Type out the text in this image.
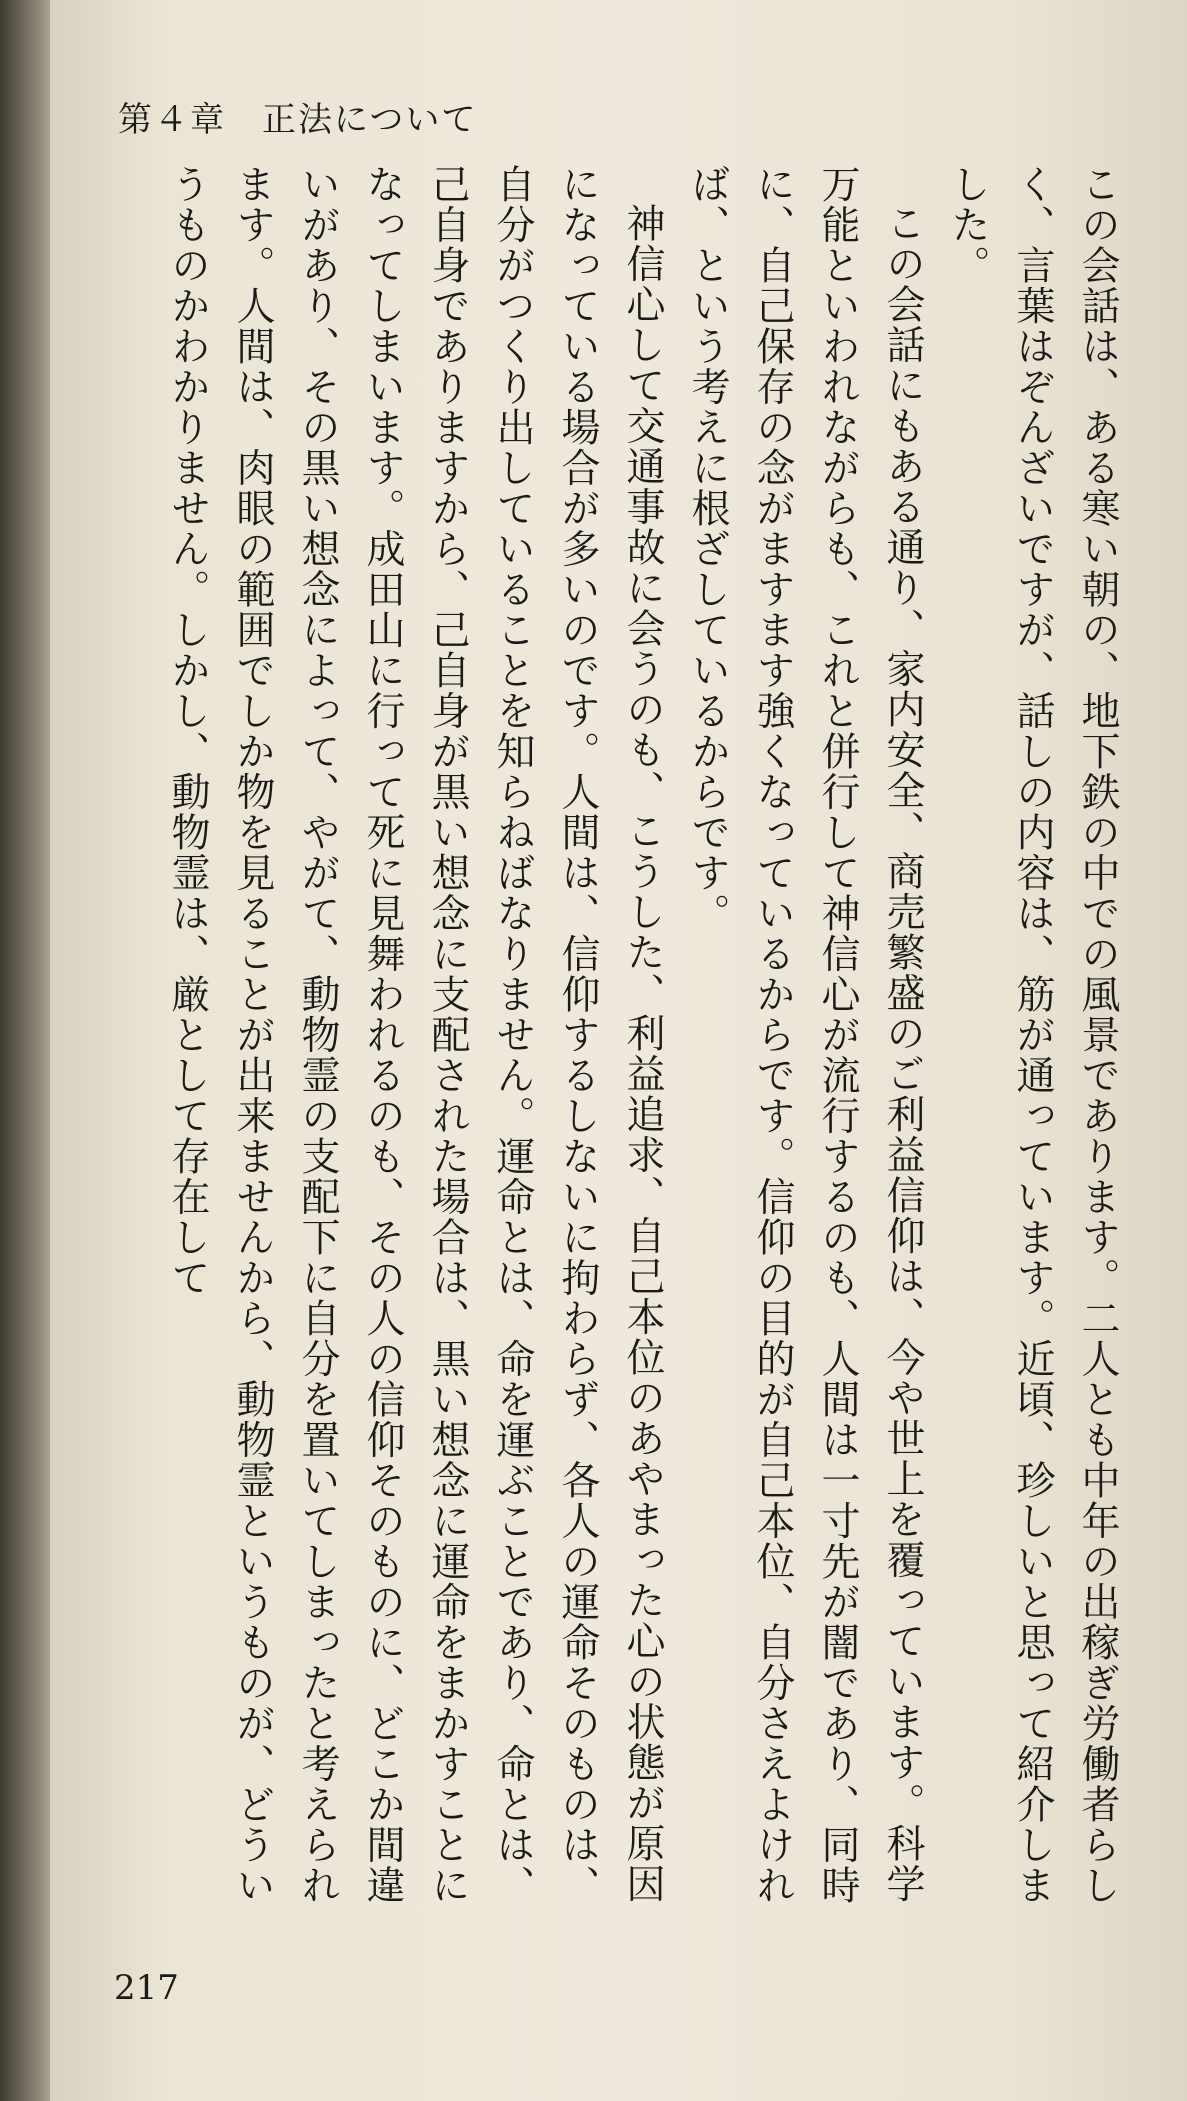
第４章　正法について

この会話は、ある寒い朝の、地下鉄の中での風景であります。二人とも中年の出稼ぎ労働者らしく、言葉はぞんざいですが、話しの内容は、筋が通っています。近頃、珍しいと思って紹介しました。

この会話にもある通り、家内安全、商売繁盛のご利益信仰は、今や世上を覆っています。科学万能といわれながらも、これと併行して神信心が流行するのも、人間は一寸先が闇であり、同時に、自己保存の念がますます強くなっているからです。信仰の目的が自己本位、自分さえよければ、という考えに根ざしているからです。

神信心して交通事故に会うのも、こうした、利益追求、自己本位のあやまった心の状態が原因になっている場合が多いのです。人間は、信仰するしないに拘わらず、各人の運命そのものは、自分がつくり出していることを知らねばなりません。運命とは、命を運ぶことであり、命とは、己自身でありますから、己自身が黒い想念に支配された場合は、黒い想念に運命をまかすことになってしまいます。成田山に行って死に見舞われるのも、その人の信仰そのものに、どこか間違いがあり、その黒い想念によって、やがて、動物霊の支配下に自分を置いてしまったと考えられます。人間は、肉眼の範囲でしか物を見ることが出来ませんから、動物霊というものが、どういうものかわかりません。しかし、動物霊は、厳として存在して

217
